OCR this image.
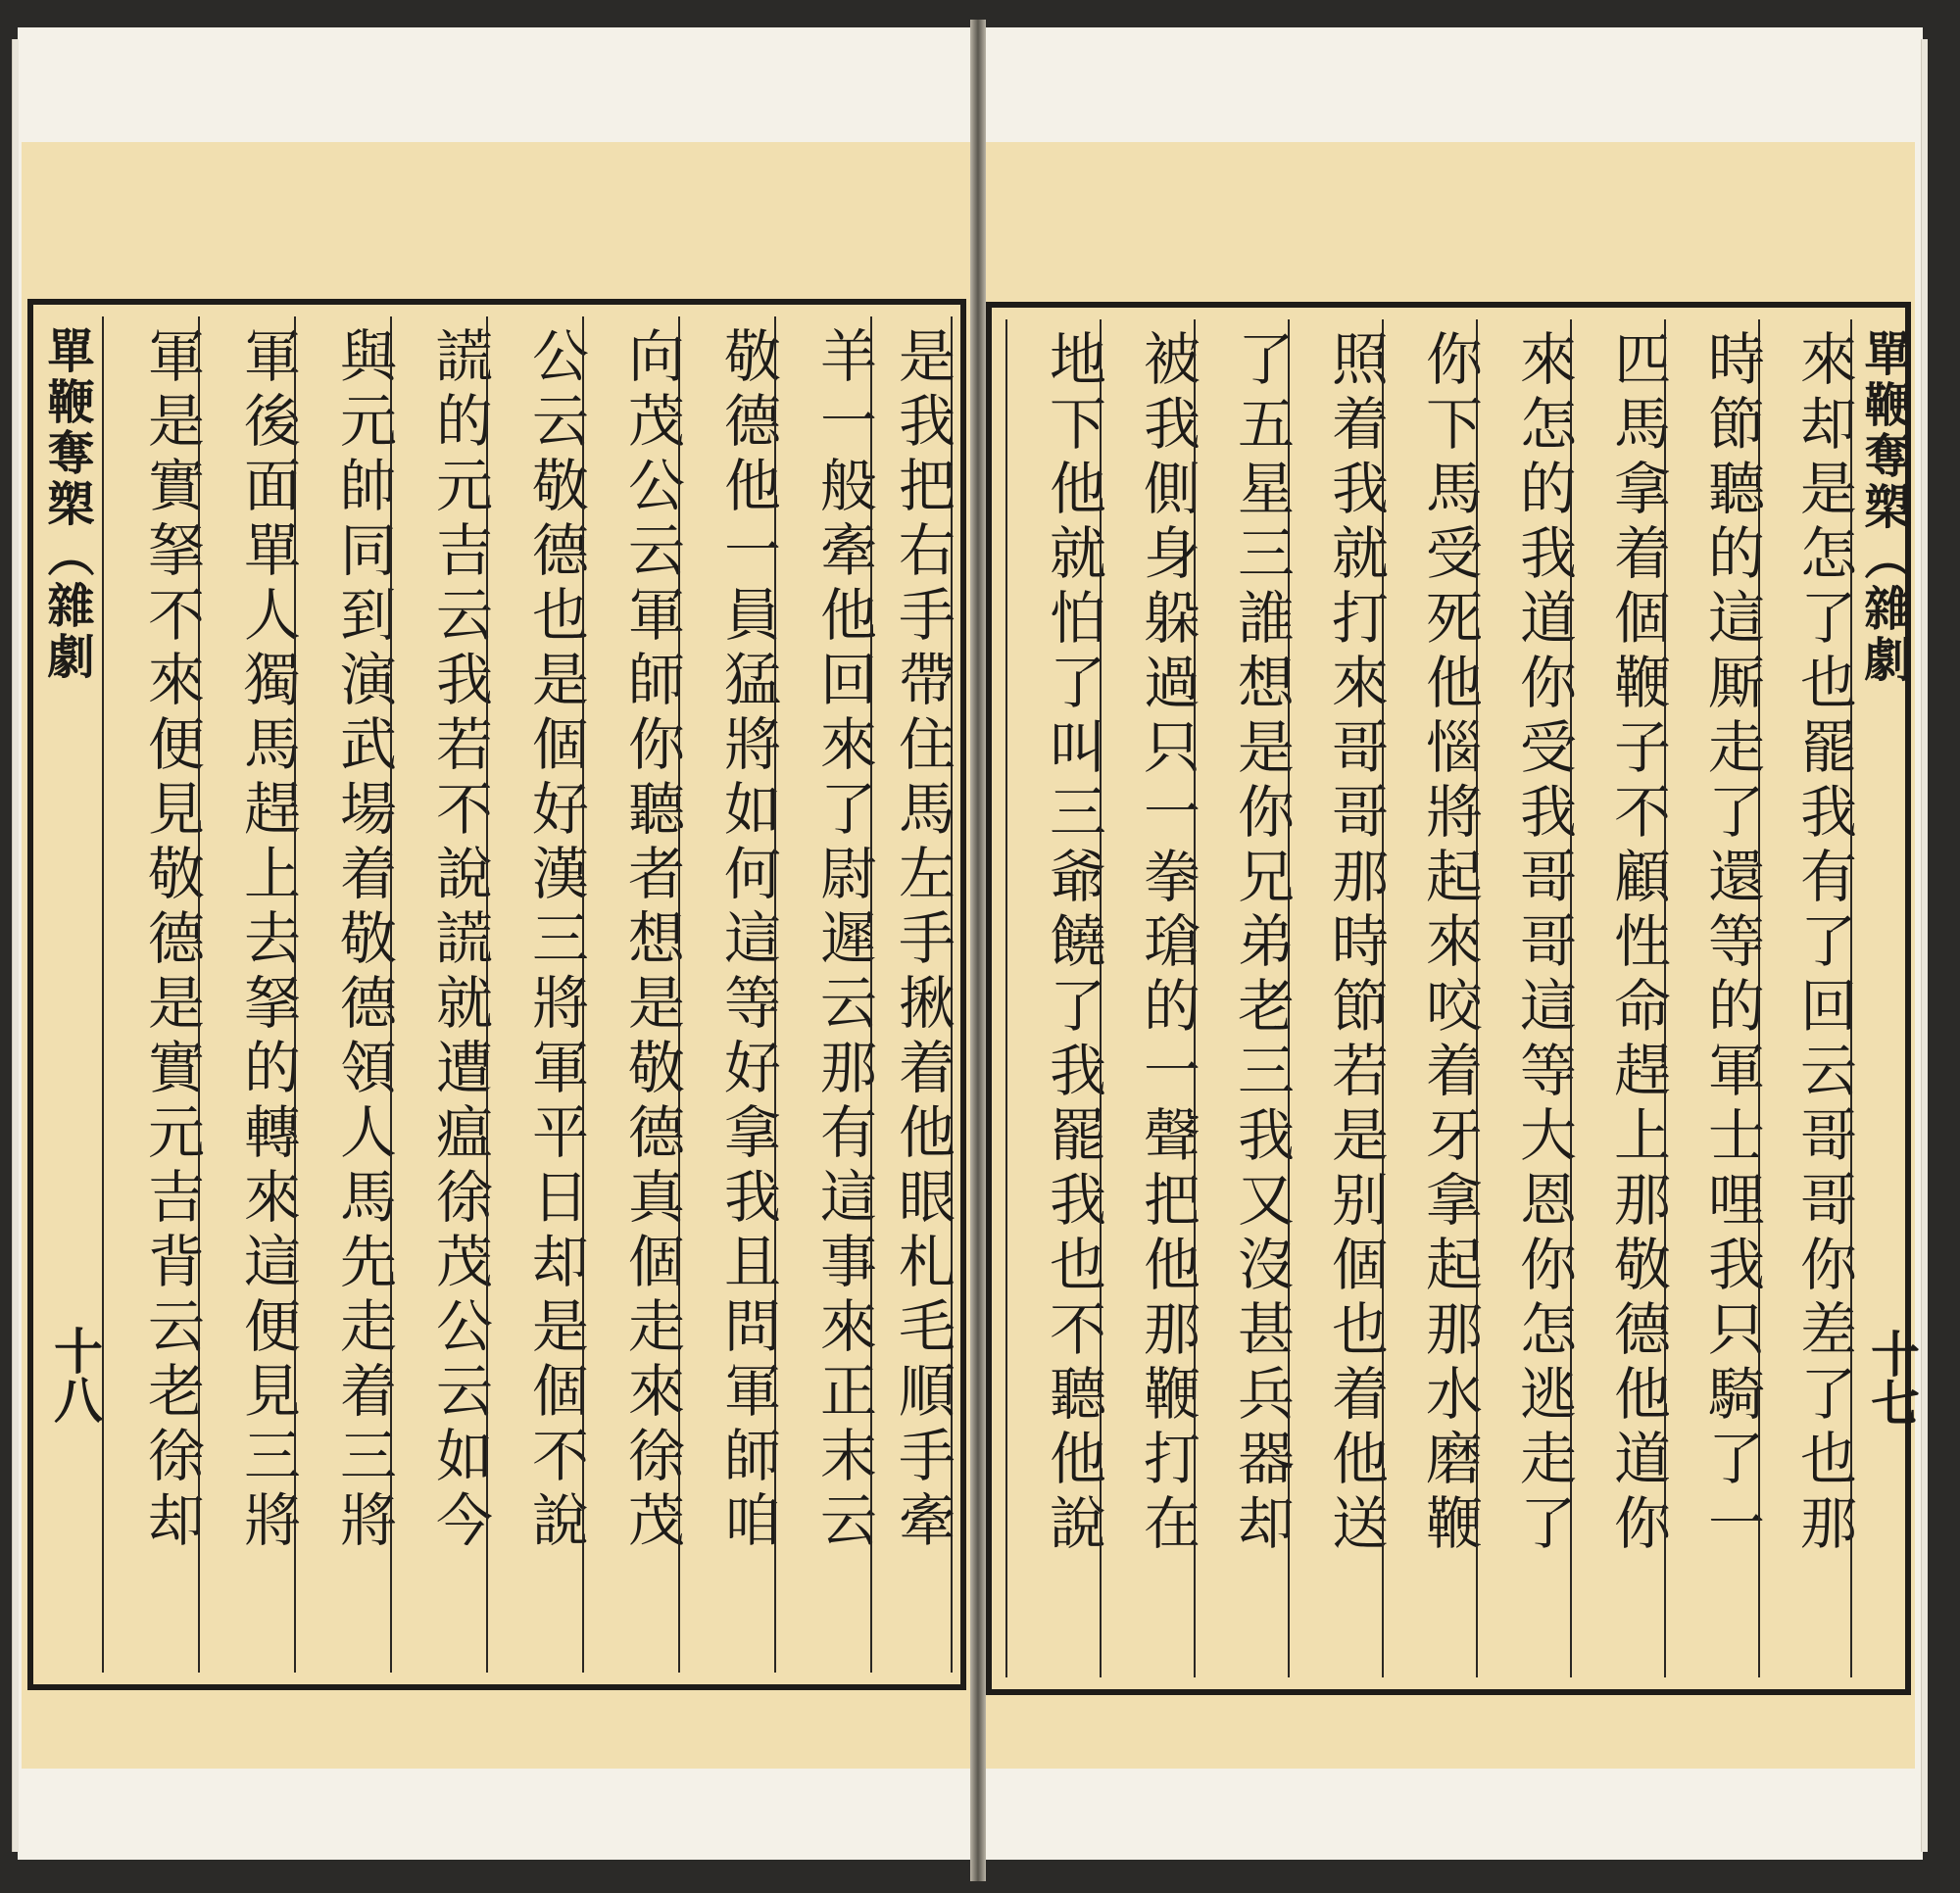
單鞭奪槊（雜劇
十八 軍是實拏不來便見敬德是實元吉背云老徐却 軍後面單人獨馬趕上去拏的轉來這便見三將 與元帥同到演武場着敬德領人馬先走着三將 謊的元吉云我若不說謊就遭瘟徐茂公云如今 公云敬德也是個好漢三將軍平日却是個不說 向茂公云軍師你聽者想是敬德真個走來徐茂 敬德他一員猛將如何這等好拿我且問軍師咱 羊一般牽他回來了尉遲云那有這事來正末云 是我把右手帶住馬左手揪着他眼札毛順手牽	地下他就怕了叫三爺饒了我罷我也不聽他說 被我側身躲過只一拳瑲的一聲把他那鞭打在 了五星三誰想是你兄弟老三我又沒甚兵器却 照着我就打來哥哥那時節若是别個也着他送 你下馬受死他惱將起來咬着牙拿起那水磨鞭 來怎的我道你受我哥哥這等大恩你怎逃走了 匹馬拿着個鞭子不顧性命趕上那敬德他道你 時節聽的這厮走了還等的軍士哩我只騎了一 來却是怎了也罷我有了回云哥哥你差了也那 單鞭奪槊（雜劇
十七
